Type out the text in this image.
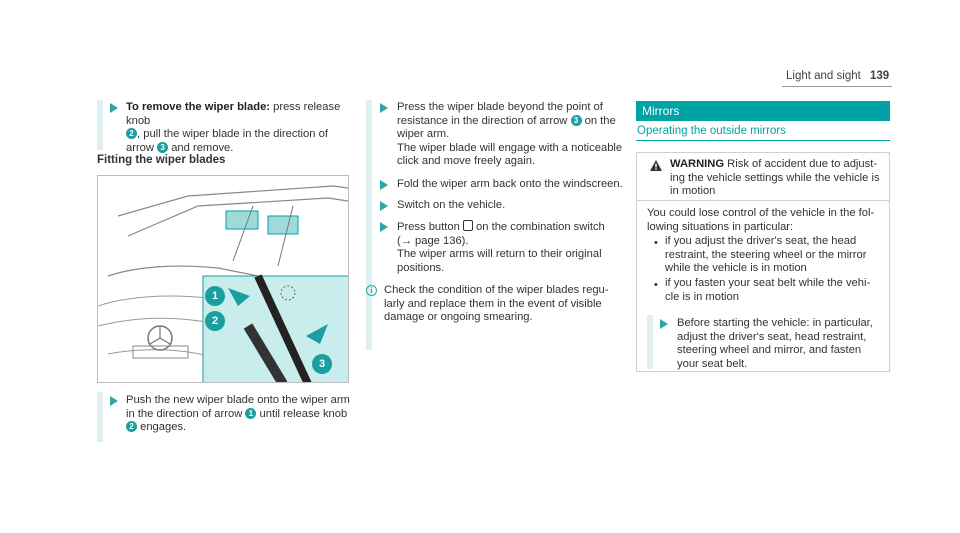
Light and sight 139
To remove the wiper blade: press release knob
2 , pull the wiper blade in the direction of
arrow 3 and remove.
Fitting the wiper blades
1
2
3
Push the new wiper blade onto the wiper arm
in the direction of arrow 1 until release knob
2 engages.
Press the wiper blade beyond the point of
resistance in the direction of arrow 3 on the
wiper arm.
The wiper blade will engage with a noticeable
click and move freely again.
Fold the wiper arm back onto the windscreen.
Switch on the vehicle.
Press button  on the combination switch
(→ page 136).
The wiper arms will return to their original
positions.
i	Check the condition of the wiper blades regu-
larly and replace them in the event of visible
damage or ongoing smearing.
Mirrors
Operating the outside mirrors
WARNING Risk of accident due to adjust-
ing the vehicle settings while the vehicle is
in motion
You could lose control of the vehicle in the fol-
lowing situations in particular:
• if you adjust the driver's seat, the head
restraint, the steering wheel or the mirror
while the vehicle is in motion
• if you fasten your seat belt while the vehi-
cle is in motion
Before starting the vehicle: in particular,
adjust the driver's seat, head restraint,
steering wheel and mirror, and fasten
your seat belt.
